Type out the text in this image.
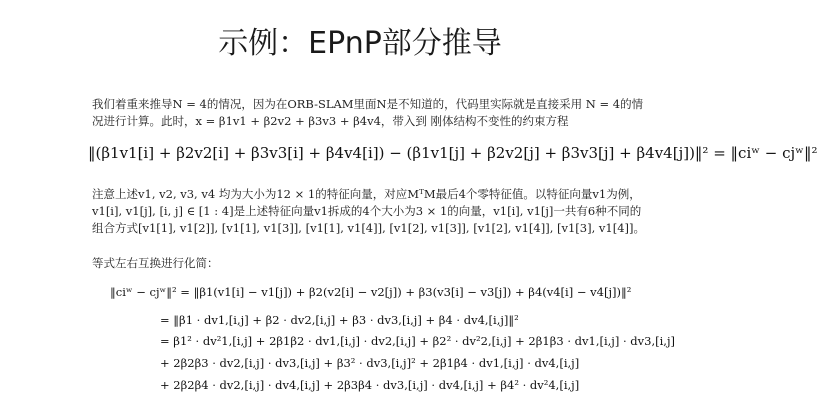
示例：EPnP部分推导
我们着重来推导N = 4的情况，因为在ORB-SLAM里面N是不知道的，代码里实际就是直接采用 N = 4的情况进行计算。此时，x = β1v1 + β2v2 + β3v3 + β4v4，带入到 刚体结构不变性的约束方程
‖(β1v1[i] + β2v2[i] + β3v3[i] + β4v4[i]) − (β1v1[j] + β2v2[j] + β3v3[j] + β4v4[j])‖² = ‖ciʷ − cjʷ‖²
注意上述v1, v2, v3, v4 均为大小为12 × 1的特征向量，对应MᵀM最后4个零特征值。以特征向量v1为例，v1[i], v1[j], [i, j] ∈ [1 : 4]是上述特征向量v1拆成的4个大小为3 × 1的向量，v1[i], v1[j]一共有6种不同的组合方式[v1[1], v1[2]], [v1[1], v1[3]], [v1[1], v1[4]], [v1[2], v1[3]], [v1[2], v1[4]], [v1[3], v1[4]]。
等式左右互换进行化简：
‖ciʷ − cjʷ‖² = ‖β1(v1[i] − v1[j]) + β2(v2[i] − v2[j]) + β3(v3[i] − v3[j]) + β4(v4[i] − v4[j])‖²
= ‖β1 · dv1,[i,j] + β2 · dv2,[i,j] + β3 · dv3,[i,j] + β4 · dv4,[i,j]‖²
= β1² · dv²1,[i,j] + 2β1β2 · dv1,[i,j] · dv2,[i,j] + β2² · dv²2,[i,j] + 2β1β3 · dv1,[i,j] · dv3,[i,j]
+ 2β2β3 · dv2,[i,j] · dv3,[i,j] + β3² · dv3,[i,j]² + 2β1β4 · dv1,[i,j] · dv4,[i,j]
+ 2β2β4 · dv2,[i,j] · dv4,[i,j] + 2β3β4 · dv3,[i,j] · dv4,[i,j] + β4² · dv²4,[i,j]
